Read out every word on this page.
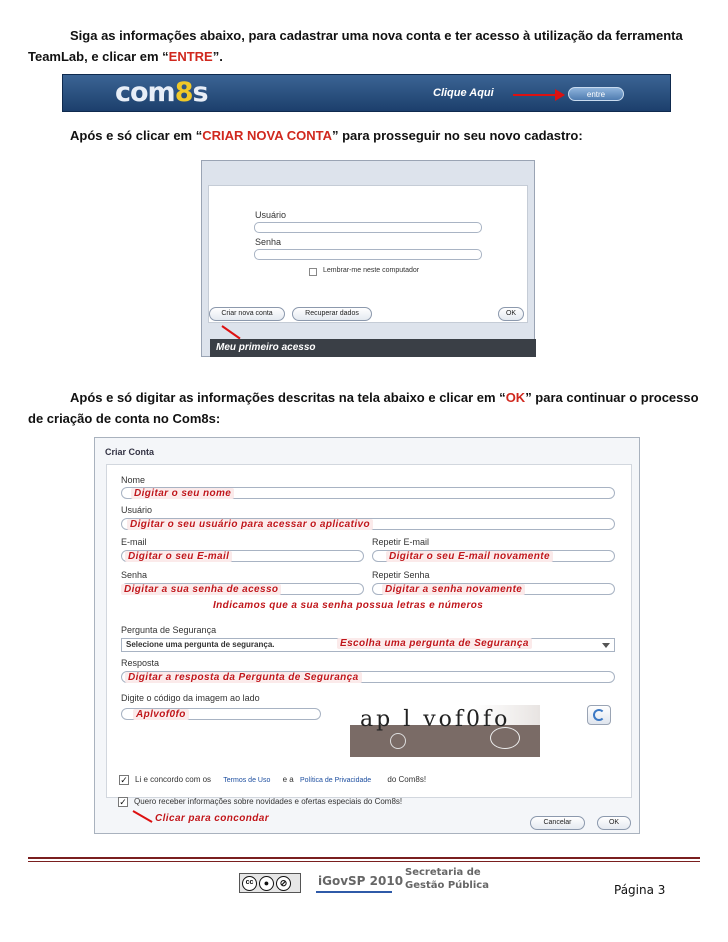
Siga as informações abaixo, para cadastrar uma nova conta e ter acesso à utilização da ferramenta TeamLab, e clicar em “ENTRE”.

com8s	Clique Aqui	entre

Após e só clicar em “CRIAR NOVA CONTA” para prosseguir no seu novo cadastro:

Usuário
Senha
Lembrar-me neste computador
Criar nova conta	Recuperar dados	OK
Meu primeiro acesso

Após e só digitar as informações descritas na tela abaixo e clicar em “OK” para continuar o processo de criação de conta no Com8s:

Criar Conta
Nome
Digitar o seu nome
Usuário
Digitar o seu usuário para acessar o aplicativo
E-mail
Digitar o seu E-mail
Repetir E-mail
Digitar o seu E-mail novamente
Senha
Digitar a sua senha de acesso
Repetir Senha
Digitar a senha novamente
Indicamos que a sua senha possua letras e números
Pergunta de Segurança
Selecione uma pergunta de segurança.	Escolha uma pergunta de Segurança
Resposta
Digitar a resposta da Pergunta de Segurança
Digite o código da imagem ao lado
Aplvof0fo	ap l vof0fo
✓ Li e concordo com os Termos de Uso e a Política de Privacidade do Com8s!
✓ Quero receber informações sobre novidades e ofertas especiais do Com8s!
Clicar para concondar	Cancelar	OK
cc	●	⊘	iGovSP 2010
Secretaria de
Gestão Pública	Página 3
